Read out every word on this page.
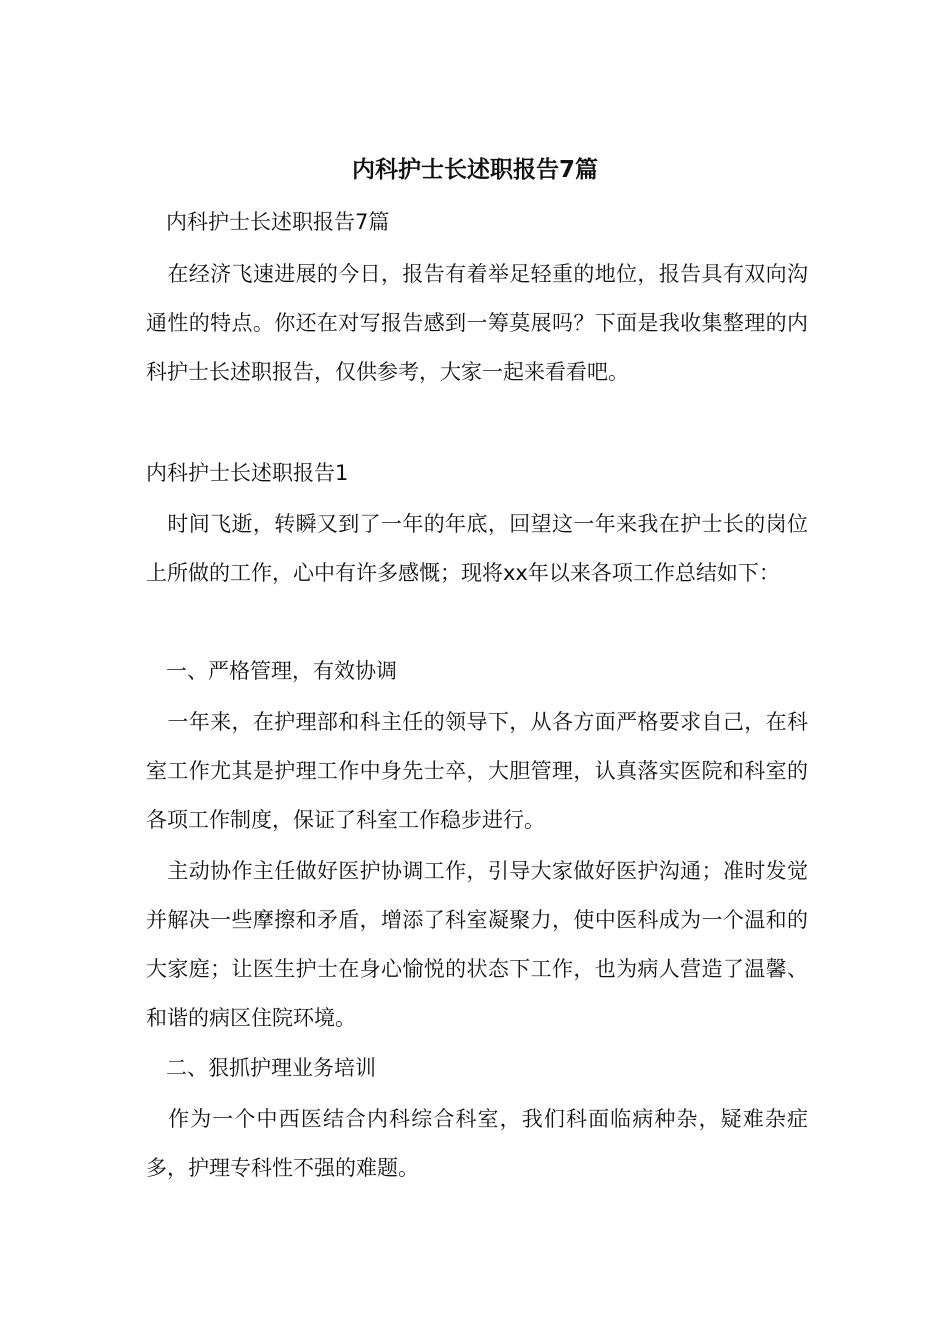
内科护士长述职报告7篇
内科护士长述职报告7篇

　在经济飞速进展的今日，报告有着举足轻重的地位，报告具有双向沟通性的特点。你还在对写报告感到一筹莫展吗？下面是我收集整理的内科护士长述职报告，仅供参考，大家一起来看看吧。

内科护士长述职报告1

　时间飞逝，转瞬又到了一年的年底，回望这一年来我在护士长的岗位上所做的工作，心中有许多感慨；现将xx年以来各项工作总结如下：

一、严格管理，有效协调

　一年来，在护理部和科主任的领导下，从各方面严格要求自己，在科室工作尤其是护理工作中身先士卒，大胆管理，认真落实医院和科室的各项工作制度，保证了科室工作稳步进行。

　主动协作主任做好医护协调工作，引导大家做好医护沟通；准时发觉并解决一些摩擦和矛盾，增添了科室凝聚力，使中医科成为一个温和的大家庭；让医生护士在身心愉悦的状态下工作，也为病人营造了温馨、和谐的病区住院环境。

二、狠抓护理业务培训

　作为一个中西医结合内科综合科室，我们科面临病种杂，疑难杂症多，护理专科性不强的难题。
